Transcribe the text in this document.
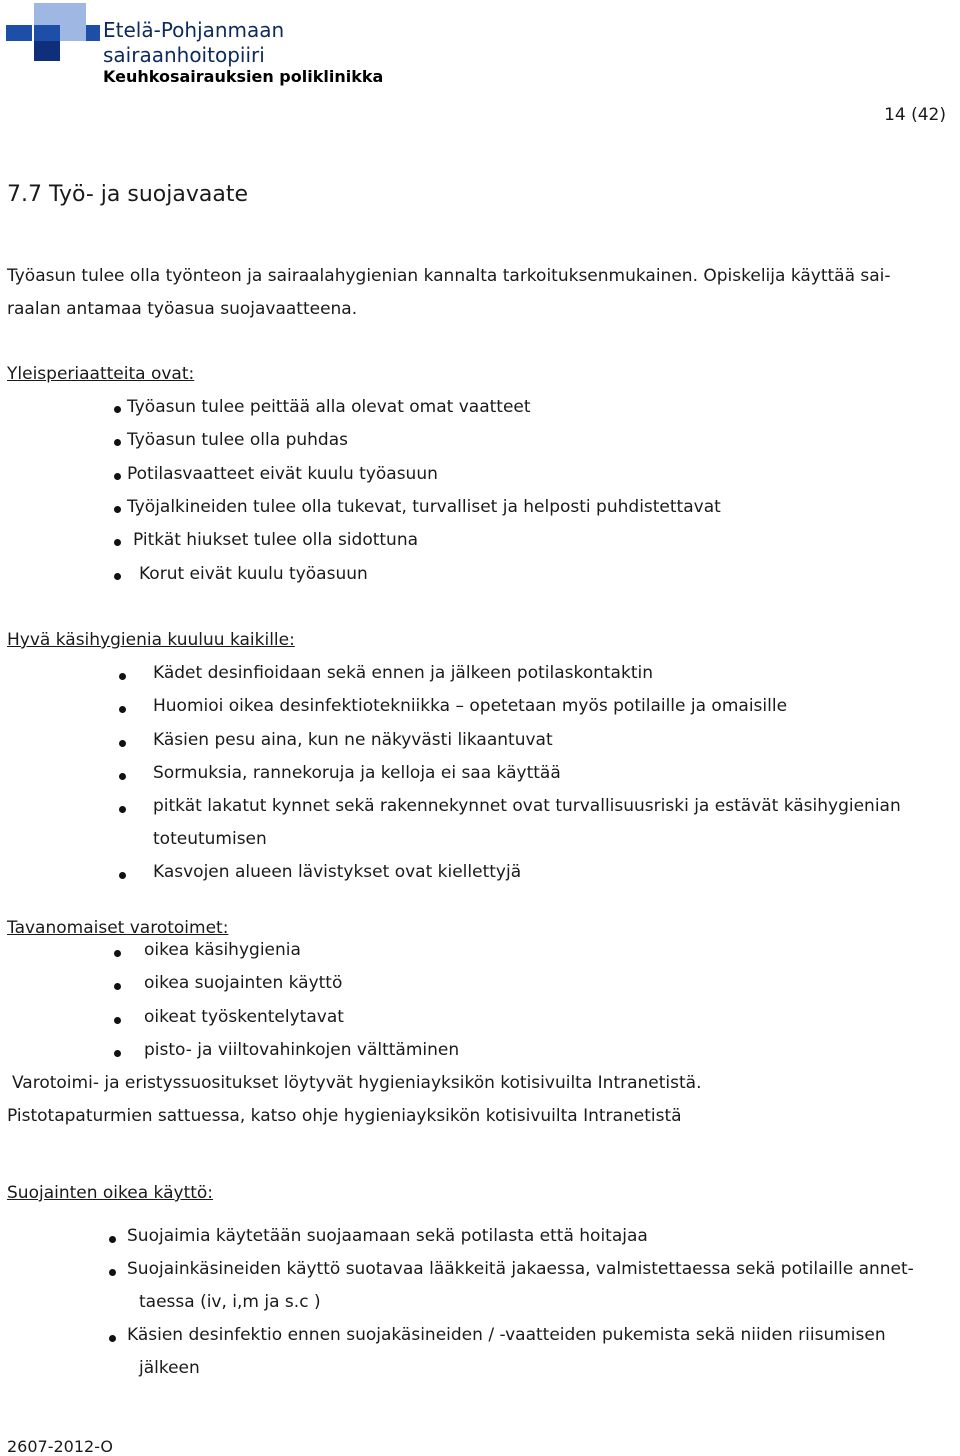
Etelä-Pohjanmaan
sairaanhoitopiiri
Keuhkosairauksien poliklinikka
14 (42)
7.7 Työ- ja suojavaate
Työasun tulee olla työnteon ja sairaalahygienian kannalta tarkoituksenmukainen. Opiskelija käyttää sai-
raalan antamaa työasua suojavaatteena.
Yleisperiaatteita ovat:
Työasun tulee peittää alla olevat omat vaatteet
Työasun tulee olla puhdas
Potilasvaatteet eivät kuulu työasuun
Työjalkineiden tulee olla tukevat, turvalliset ja helposti puhdistettavat
Pitkät hiukset tulee olla sidottuna
Korut eivät kuulu työasuun
Hyvä käsihygienia kuuluu kaikille:
Kädet desinfioidaan sekä ennen ja jälkeen potilaskontaktin
Huomioi oikea desinfektiotekniikka – opetetaan myös potilaille ja omaisille
Käsien pesu aina, kun ne näkyvästi likaantuvat
Sormuksia, rannekoruja ja kelloja ei saa käyttää
pitkät lakatut kynnet sekä rakennekynnet ovat turvallisuusriski ja estävät käsihygienian
toteutumisen
Kasvojen alueen lävistykset ovat kiellettyjä
Tavanomaiset varotoimet:
oikea käsihygienia
oikea suojainten käyttö
oikeat työskentelytavat
pisto- ja viiltovahinkojen välttäminen
Varotoimi- ja eristyssuositukset löytyvät hygieniayksikön kotisivuilta Intranetistä.
Pistotapaturmien sattuessa, katso ohje hygieniayksikön kotisivuilta Intranetistä
Suojainten oikea käyttö:
Suojaimia käytetään suojaamaan sekä potilasta että hoitajaa
Suojainkäsineiden käyttö suotavaa lääkkeitä jakaessa, valmistettaessa sekä potilaille annet-
taessa (iv, i,m ja s.c )
Käsien desinfektio ennen suojakäsineiden / -vaatteiden pukemista sekä niiden riisumisen
jälkeen
2607-2012-O
